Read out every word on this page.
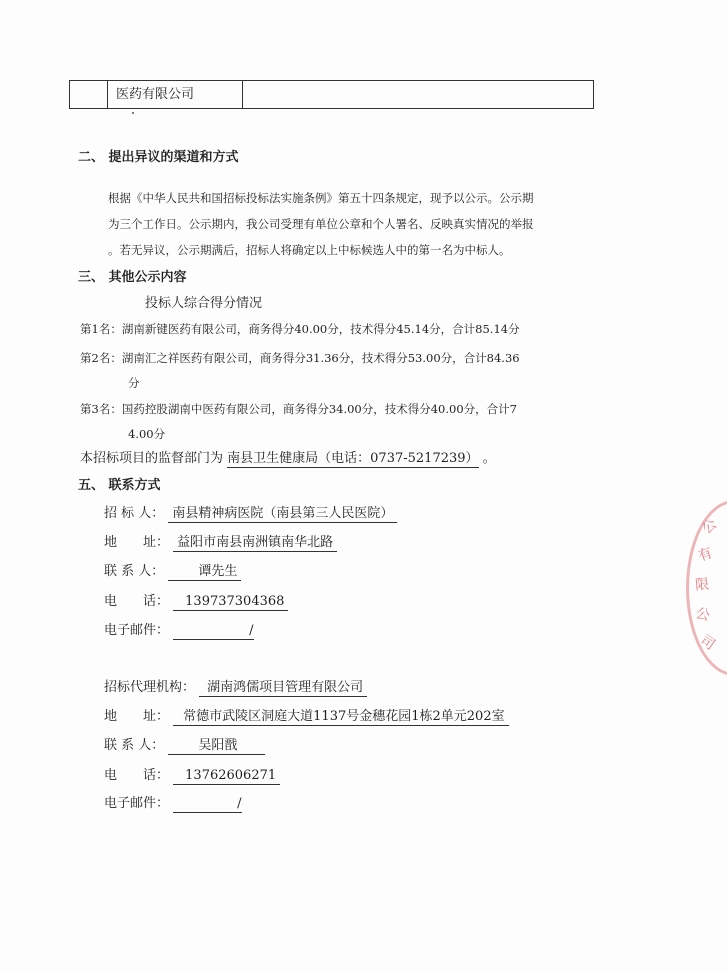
医药有限公司
二、 提出异议的渠道和方式
根据《中华人民共和国招标投标法实施条例》第五十四条规定，现予以公示。公示期
为三个工作日。公示期内，我公司受理有单位公章和个人署名、反映真实情况的举报
。若无异议，公示期满后，招标人将确定以上中标候选人中的第一名为中标人。
三、 其他公示内容
投标人综合得分情况
第1名：湖南新键医药有限公司，商务得分40.00分，技术得分45.14分，合计85.14分
第2名：湖南汇之祥医药有限公司，商务得分31.36分，技术得分53.00分，合计84.36
分
第3名：国药控股湖南中医药有限公司，商务得分34.00分，技术得分40.00分，合计7
4.00分
本招标项目的监督部门为 南县卫生健康局（电话：0737-5217239） 。
五、 联系方式
招 标 人： 南县精神病医院（南县第三人民医院）
地　　址： 益阳市南县南洲镇南华北路
联 系 人：	谭先生
电　　话： 139737304368
电子邮件：	/
招标代理机构： 湖南鸿儒项目管理有限公司
地　　址： 常德市武陵区洞庭大道1137号金穗花园1栋2单元202室
联 系 人：	吴阳戬
电　　话： 13762606271
电子邮件：	/
公
有
限
公
司
